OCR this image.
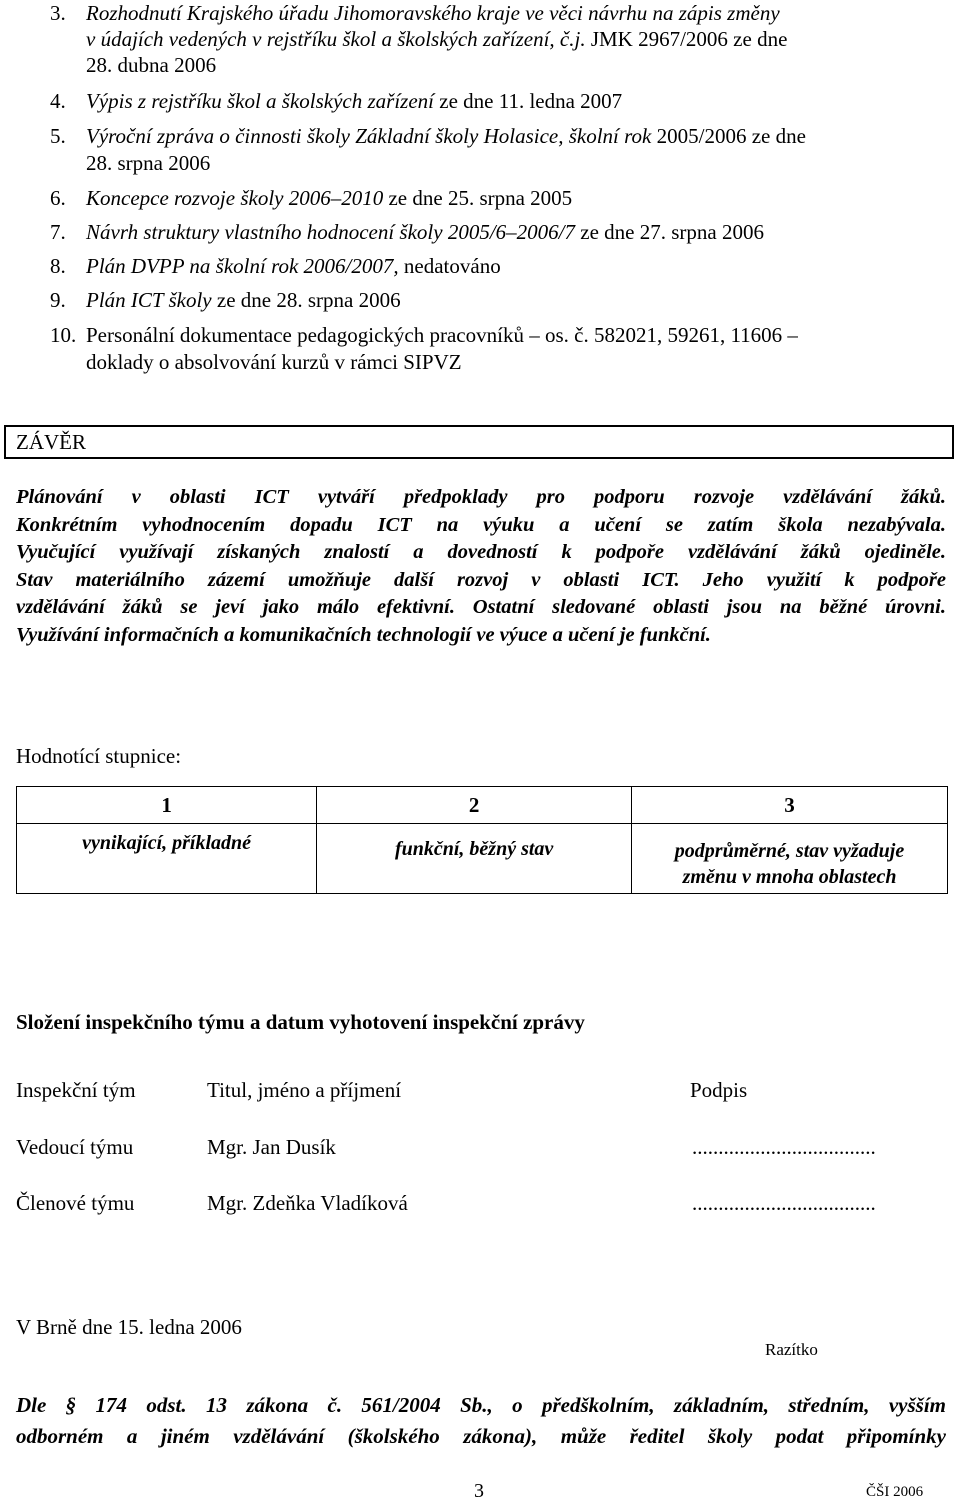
3. Rozhodnutí Krajského úřadu Jihomoravského kraje ve věci návrhu na zápis změny
v údajích vedených v rejstříku škol a školských zařízení, č.j. JMK 2967/2006 ze dne
28. dubna 2006
4. Výpis z rejstříku škol a školských zařízení ze dne 11. ledna 2007
5. Výroční zpráva o činnosti školy Základní školy Holasice, školní rok 2005/2006 ze dne
28. srpna 2006
6. Koncepce rozvoje školy 2006–2010 ze dne 25. srpna 2005
7. Návrh struktury vlastního hodnocení školy 2005/6–2006/7 ze dne 27. srpna 2006
8. Plán DVPP na školní rok 2006/2007, nedatováno
9. Plán ICT školy ze dne 28. srpna 2006
10. Personální dokumentace pedagogických pracovníků – os. č. 582021, 59261, 11606 –
doklady o absolvování kurzů v rámci SIPVZ
ZÁVĚR

Plánování v oblasti ICT vytváří předpoklady pro podporu rozvoje vzdělávání žáků.

Konkrétním vyhodnocením dopadu ICT na výuku a učení se zatím škola nezabývala.

Vyučující využívají získaných znalostí a dovedností k podpoře vzdělávání žáků ojediněle.

Stav materiálního zázemí umožňuje další rozvoj v oblasti ICT. Jeho využití k podpoře

vzdělávání žáků se jeví jako málo efektivní. Ostatní sledované oblasti jsou na běžné úrovni.

Využívání informačních a komunikačních technologií ve výuce a učení je funkční.

Hodnotící stupnice:
1	2	3
vynikající, příkladné	funkční, běžný stav	podprůměrné, stav vyžaduje změnu v mnoha oblastech
Složení inspekčního týmu a datum vyhotovení inspekční zprávy
Inspekční tým	Titul, jméno a příjmení	Podpis
Vedoucí týmu	Mgr. Jan Dusík	...................................
Členové týmu	Mgr. Zdeňka Vladíková	...................................
V Brně dne 15. ledna 2006
Razítko

Dle § 174 odst. 13 zákona č. 561/2004 Sb., o předškolním, základním, středním, vyšším

odborném a jiném vzdělávání (školského zákona), může ředitel školy podat připomínky

3	ČŠI 2006
